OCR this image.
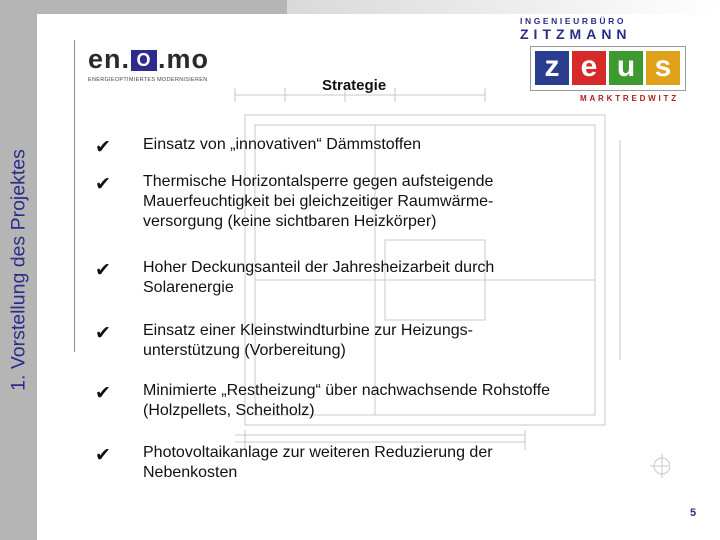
1. Vorstellung des Projektes
en. O .mo
ENERGIEOPTIMIERTES MODERNISIEREN	Strategie
INGENIEURBÜRO
ZITZMANN
z e u s
MARKTREDWITZ
✔ Einsatz von „innovativen“ Dämmstoffen
✔ Thermische Horizontalsperre gegen aufsteigende
Mauerfeuchtigkeit bei gleichzeitiger Raumwärme-
versorgung (keine sichtbaren Heizkörper)
✔ Hoher Deckungsanteil der Jahresheizarbeit durch
Solarenergie
✔ Einsatz einer Kleinstwindturbine zur Heizungs-
unterstützung (Vorbereitung)
✔ Minimierte „Restheizung“ über nachwachsende Rohstoffe
(Holzpellets, Scheitholz)
✔ Photovoltaikanlage zur weiteren Reduzierung der
Nebenkosten
5
